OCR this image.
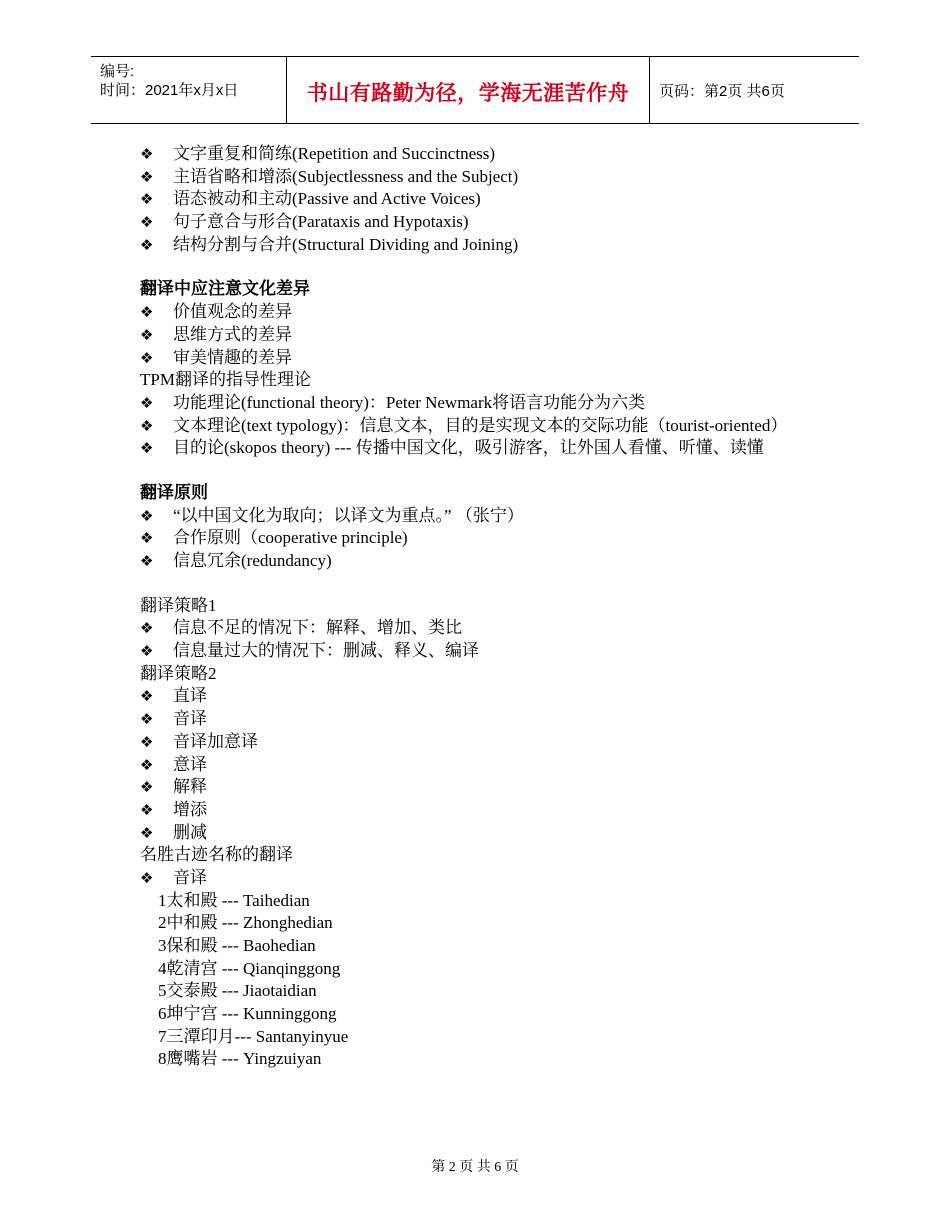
编号:
时间：2021年x月x日	书山有路勤为径，学海无涯苦作舟	页码：第2页 共6页
❖ 文字重复和简练(Repetition and Succinctness)
❖ 主语省略和增添(Subjectlessness and the Subject)
❖ 语态被动和主动(Passive and Active Voices)
❖ 句子意合与形合(Parataxis and Hypotaxis)
❖ 结构分割与合并(Structural Dividing and Joining)
翻译中应注意文化差异
❖ 价值观念的差异
❖ 思维方式的差异
❖ 审美情趣的差异
TPM翻译的指导性理论
❖ 功能理论(functional theory)：Peter Newmark将语言功能分为六类
❖ 文本理论(text typology)：信息文本，目的是实现文本的交际功能（tourist-oriented）
❖ 目的论(skopos theory) --- 传播中国文化，吸引游客，让外国人看懂、听懂、读懂
翻译原则
❖ “以中国文化为取向；以译文为重点。” （张宁）
❖ 合作原则（cooperative principle)
❖ 信息冗余(redundancy)
翻译策略1
❖ 信息不足的情况下：解释、增加、类比
❖ 信息量过大的情况下：删减、释义、编译
翻译策略2
❖ 直译
❖ 音译
❖ 音译加意译
❖ 意译
❖ 解释
❖ 增添
❖ 删减
名胜古迹名称的翻译
❖ 音译
1太和殿 --- Taihedian
2中和殿 --- Zhonghedian
3保和殿 --- Baohedian
4乾清宫 --- Qianqinggong
5交泰殿 --- Jiaotaidian
6坤宁宫 --- Kunninggong
7三潭印月--- Santanyinyue
8鹰嘴岩 --- Yingzuiyan
第 2 页 共 6 页
